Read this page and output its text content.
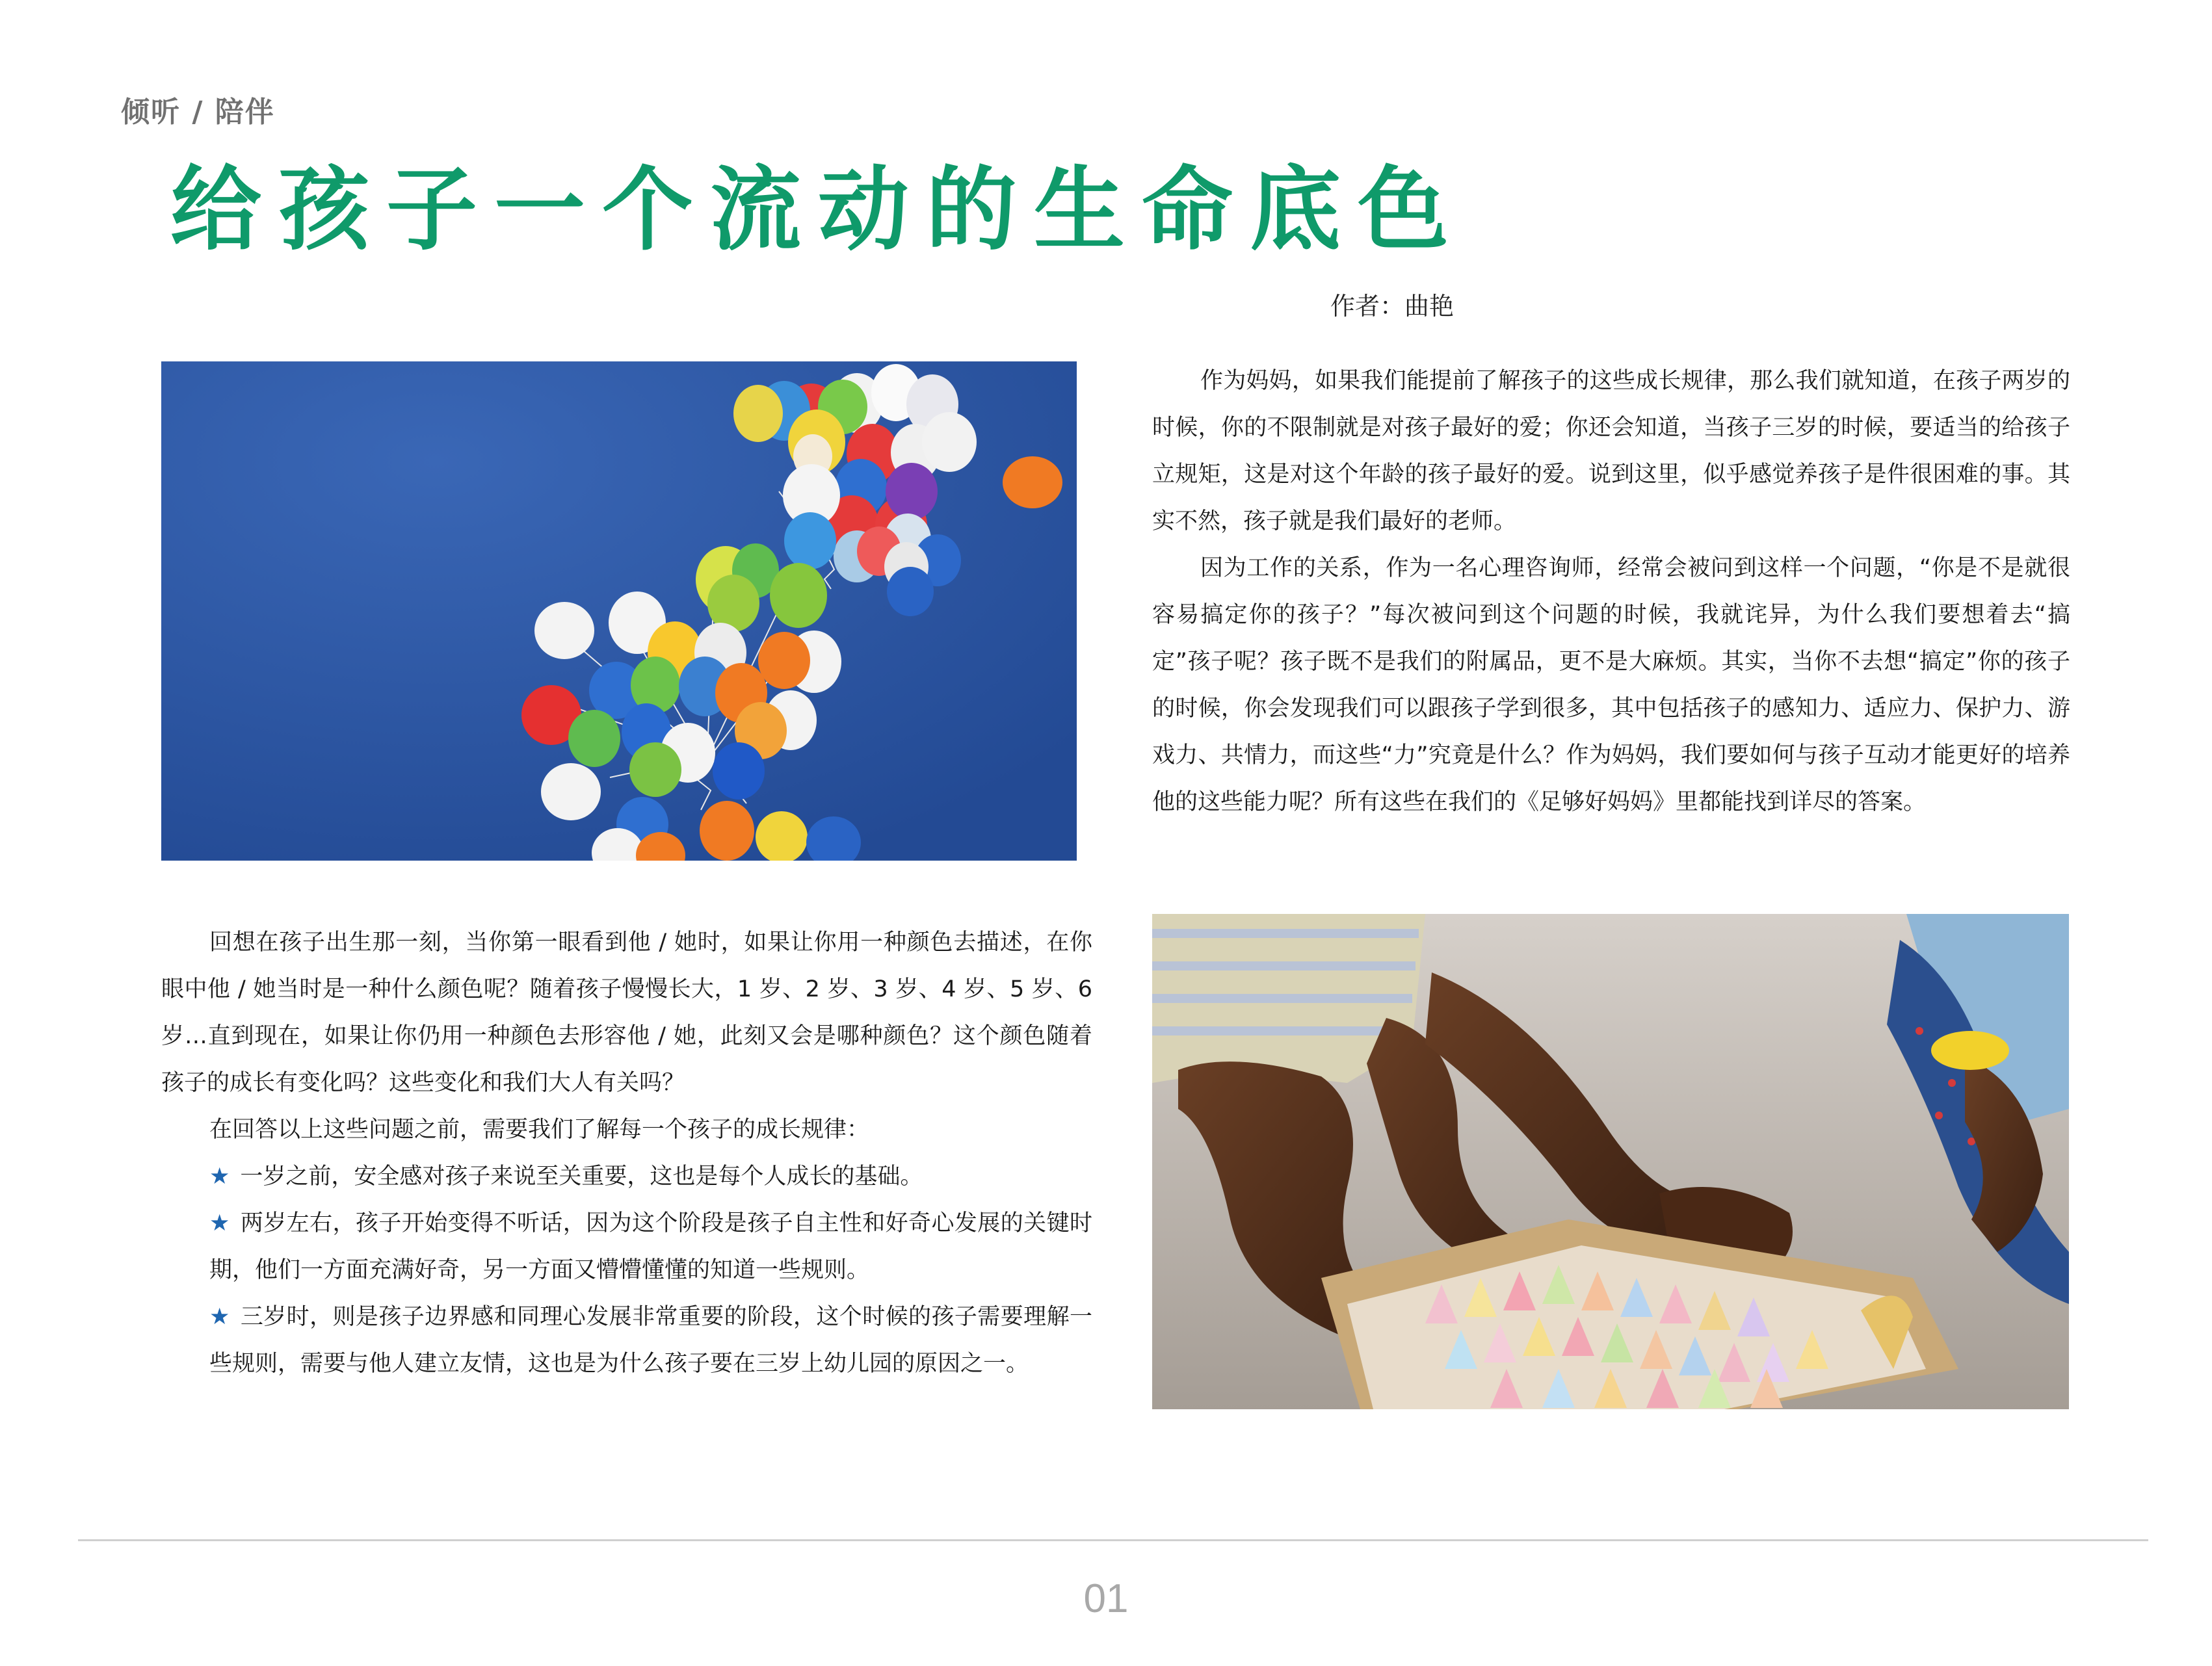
倾听 / 陪伴
给孩子一个流动的生命底色
作者：曲艳

作为妈妈，如果我们能提前了解孩子的这些成长规律，那么我们就知道，在孩子两岁的时候，你的不限制就是对孩子最好的爱；你还会知道，当孩子三岁的时候，要适当的给孩子立规矩，这是对这个年龄的孩子最好的爱。说到这里，似乎感觉养孩子是件很困难的事。其实不然，孩子就是我们最好的老师。

因为工作的关系，作为一名心理咨询师，经常会被问到这样一个问题，“你是不是就很容易搞定你的孩子？”每次被问到这个问题的时候，我就诧异，为什么我们要想着去“搞定”孩子呢？孩子既不是我们的附属品，更不是大麻烦。其实，当你不去想“搞定”你的孩子的时候，你会发现我们可以跟孩子学到很多，其中包括孩子的感知力、适应力、保护力、游戏力、共情力，而这些“力”究竟是什么？作为妈妈，我们要如何与孩子互动才能更好的培养他的这些能力呢？所有这些在我们的《足够好妈妈》里都能找到详尽的答案。

回想在孩子出生那一刻，当你第一眼看到他 / 她时，如果让你用一种颜色去描述，在你眼中他 / 她当时是一种什么颜色呢？随着孩子慢慢长大，1 岁、2 岁、3 岁、4 岁、5 岁、6 岁…直到现在，如果让你仍用一种颜色去形容他 / 她，此刻又会是哪种颜色？这个颜色随着孩子的成长有变化吗？这些变化和我们大人有关吗？

在回答以上这些问题之前，需要我们了解每一个孩子的成长规律：

★ 一岁之前，安全感对孩子来说至关重要，这也是每个人成长的基础。

★ 两岁左右，孩子开始变得不听话，因为这个阶段是孩子自主性和好奇心发展的关键时期，他们一方面充满好奇，另一方面又懵懵懂懂的知道一些规则。

★ 三岁时，则是孩子边界感和同理心发展非常重要的阶段，这个时候的孩子需要理解一些规则，需要与他人建立友情，这也是为什么孩子要在三岁上幼儿园的原因之一。

01
